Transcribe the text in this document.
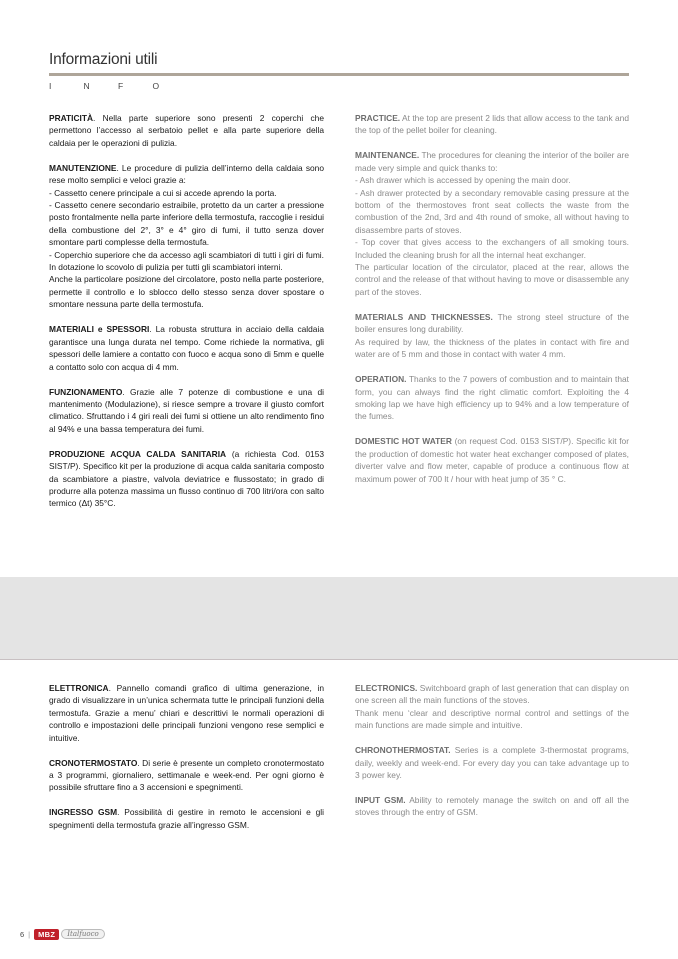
Informazioni utili
I	N	F	O

PRATICITÀ. Nella parte superiore sono presenti 2 coperchi che permettono l’accesso al serbatoio pellet e alla parte superiore della caldaia per le operazioni di pulizia.

MANUTENZIONE. Le procedure di pulizia dell’interno della caldaia sono rese molto semplici e veloci grazie a:
- Cassetto cenere principale a cui si accede aprendo la porta.
- Cassetto cenere secondario estraibile, protetto da un carter a pressione posto frontalmente nella parte inferiore della termostufa, raccoglie i residui della combustione del 2°, 3° e 4° giro di fumi, il tutto senza dover smontare parti complesse della termostufa.
- Coperchio superiore che da accesso agli scambiatori di tutti i giri di fumi. In dotazione lo scovolo di pulizia per tutti gli scambiatori interni.
Anche la particolare posizione del circolatore, posto nella parte posteriore, permette il controllo e lo sblocco dello stesso senza dover spostare o smontare nessuna parte della termostufa.

MATERIALI e SPESSORI. La robusta struttura in acciaio della caldaia garantisce una lunga durata nel tempo. Come richiede la normativa, gli spessori delle lamiere a contatto con fuoco e acqua sono di 5mm e quelle a contatto solo con acqua di 4 mm.

FUNZIONAMENTO. Grazie alle 7 potenze di combustione e una di mantenimento (Modulazione), si riesce sempre a trovare il giusto comfort climatico. Sfruttando i 4 giri reali dei fumi si ottiene un alto rendimento fino al 94% e una bassa temperatura dei fumi.

PRODUZIONE ACQUA CALDA SANITARIA (a richiesta Cod. 0153 SIST/P). Specifico kit per la produzione di acqua calda sanitaria composto da scambiatore a piastre, valvola deviatrice e flussostato; in grado di produrre alla potenza massima un flusso continuo di 700 litri/ora con salto termico (Δt) 35°C.

PRACTICE. At the top are present 2 lids that allow access to the tank and the top of the pellet boiler for cleaning.

MAINTENANCE. The procedures for cleaning the interior of the boiler are made very simple and quick thanks to:
- Ash drawer which is accessed by opening the main door.
- Ash drawer protected by a secondary removable casing pressure at the bottom of the thermostoves front seat collects the waste from the combustion of the 2nd, 3rd and 4th round of smoke, all without having to disassembre parts of stoves.
- Top cover that gives access to the exchangers of all smoking tours. Included the cleaning brush for all the internal heat exchanger.
The particular location of the circulator, placed at the rear, allows the control and the release of that without having to move or disassemble any part of the stoves.

MATERIALS AND THICKNESSES. The strong steel structure of the boiler ensures long durability.
As required by law, the thickness of the plates in contact with fire and water are of 5 mm and those in contact with water 4 mm.

OPERATION. Thanks to the 7 powers of combustion and to maintain that form, you can always find the right climatic comfort. Exploiting the 4 smoking lap we have high efficiency up to 94% and a low temperature of the fumes.

DOMESTIC HOT WATER (on request Cod. 0153 SIST/P). Specific kit for the production of domestic hot water heat exchanger composed of plates, diverter valve and flow meter, capable of produce a continuous flow at maximum power of 700 lt / hour with heat jump of 35 ° C.

ELETTRONICA. Pannello comandi grafico di ultima generazione, in grado di visualizzare in un’unica schermata tutte le principali funzioni della termostufa. Grazie a menu’ chiari e descrittivi le normali operazioni di controllo e impostazioni delle principali funzioni vengono rese semplici e intuitive.

CRONOTERMOSTATO. Di serie è presente un completo cronotermostato a 3 programmi, giornaliero, settimanale e week-end. Per ogni giorno è possibile sfruttare fino a 3 accensioni e spegnimenti.

INGRESSO GSM. Possibilità di gestire in remoto le accensioni e gli spegnimenti della termostufa grazie all’ingresso GSM.

ELECTRONICS. Switchboard graph of last generation that can display on one screen all the main functions of the stoves.
Thank menu ‘clear and descriptive normal control and settings of the main functions are made simple and intuitive.

CHRONOTHERMOSTAT. Series is a complete 3-thermostat programs, daily, weekly and week-end. For every day you can take advantage up to 3 power key.

INPUT GSM. Ability to remotely manage the switch on and off all the stoves through the entry of GSM.

6 |	MBZ	Italfuoco
